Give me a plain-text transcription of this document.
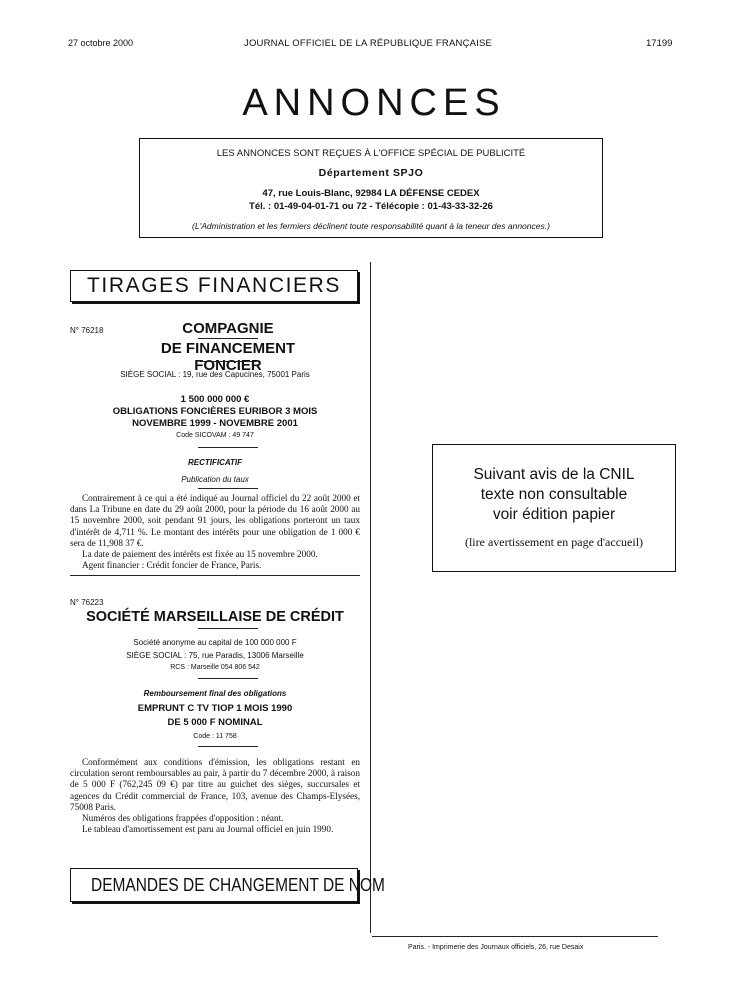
27 octobre 2000	JOURNAL OFFICIEL DE LA RÉPUBLIQUE FRANÇAISE	17199
ANNONCES
LES ANNONCES SONT REÇUES À L'OFFICE SPÉCIAL DE PUBLICITÉ
Département SPJO
47, rue Louis-Blanc, 92984 LA DÉFENSE CEDEX
Tél. : 01-49-04-01-71 ou 72 - Télécopie : 01-43-33-32-26
(L'Administration et les fermiers déclinent toute responsabilité quant à la teneur des annonces.)
TIRAGES FINANCIERS
N° 76218	COMPAGNIE
DE FINANCEMENT FONCIER
SIÈGE SOCIAL : 19, rue des Capucines, 75001 Paris
1 500 000 000 €
OBLIGATIONS FONCIÈRES EURIBOR 3 MOIS
NOVEMBRE 1999 - NOVEMBRE 2001
Code SICOVAM : 49 747
RECTIFICATIF
Publication du taux

Contrairement à ce qui a été indiqué au Journal officiel du 22 août 2000 et dans La Tribune en date du 29 août 2000, pour la période du 16 août 2000 au 15 novembre 2000, soit pendant 91 jours, les obligations porteront un taux d'intérêt de 4,711 %. Le montant des intérêts pour une obligation de 1 000 € sera de 11,908 37 €.

La date de paiement des intérêts est fixée au 15 novembre 2000.

Agent financier : Crédit foncier de France, Paris.

N° 76223
SOCIÉTÉ MARSEILLAISE DE CRÉDIT
Société anonyme au capital de 100 000 000 F
SIÈGE SOCIAL : 75, rue Paradis, 13006 Marseille
RCS : Marseille 054 806 542
Remboursement final des obligations
EMPRUNT C TV TIOP 1 MOIS 1990
DE 5 000 F NOMINAL
Code : 11 758

Conformément aux conditions d'émission, les obligations restant en circulation seront remboursables au pair, à partir du 7 décembre 2000, à raison de 5 000 F (762,245 09 €) par titre au guichet des sièges, succursales et agences du Crédit commercial de France, 103, avenue des Champs-Elysées, 75008 Paris.

Numéros des obligations frappées d'opposition : néant.

Le tableau d'amortissement est paru au Journal officiel en juin 1990.

DEMANDES DE CHANGEMENT DE NOM
Suivant avis de la CNIL
texte non consultable
voir édition papier
(lire avertissement en page d'accueil)
Paris. - Imprimerie des Journaux officiels, 26, rue Desaix
